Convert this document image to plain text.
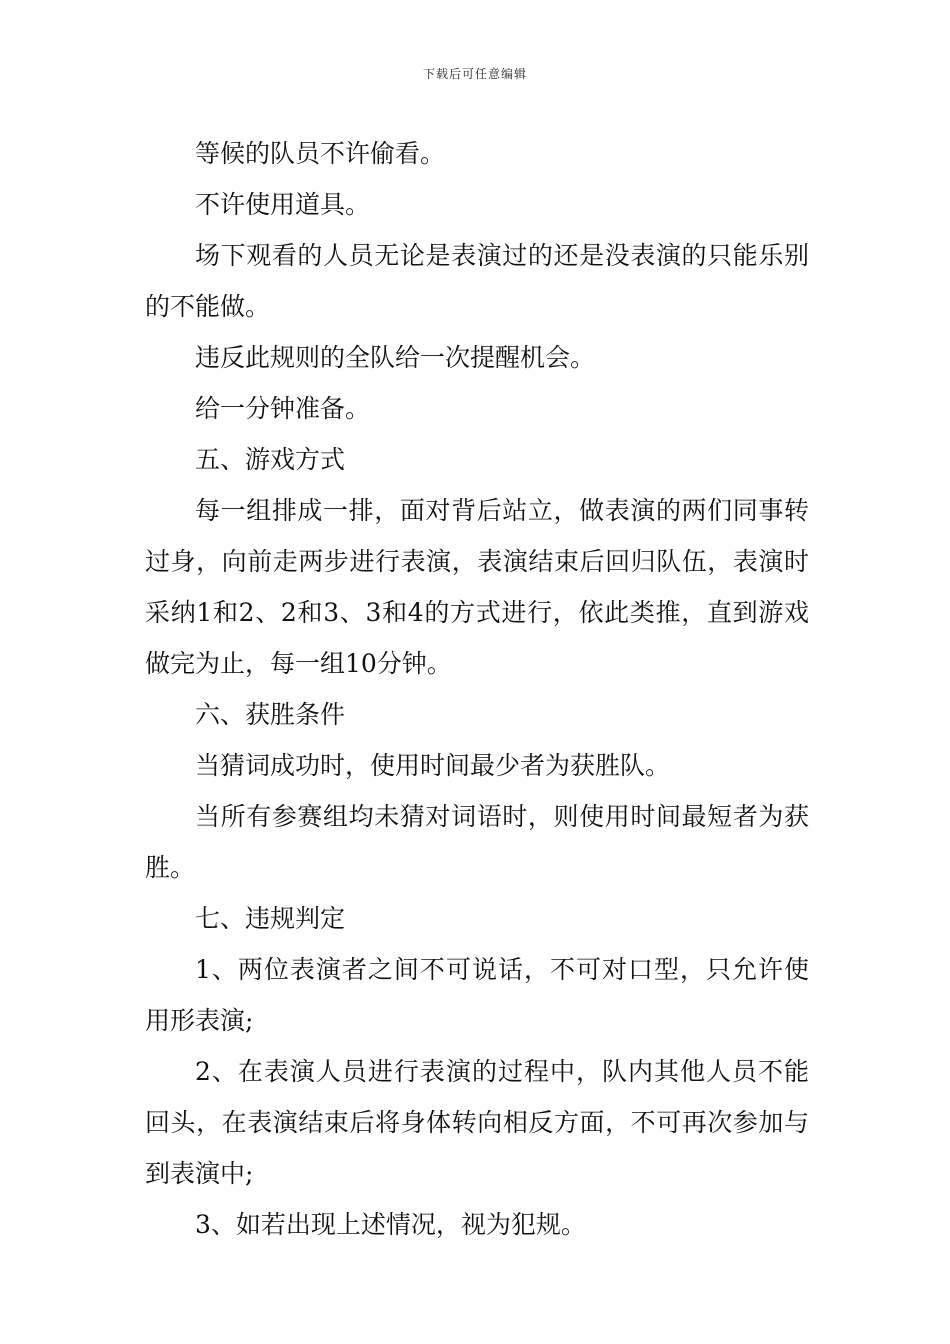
下载后可任意编辑

等候的队员不许偷看。

不许使用道具。

场下观看的人员无论是表演过的还是没表演的只能乐别的不能做。

违反此规则的全队给一次提醒机会。

给一分钟准备。

五、游戏方式

每一组排成一排，面对背后站立，做表演的两们同事转过身，向前走两步进行表演，表演结束后回归队伍，表演时采纳1和2、2和3、3和4的方式进行，依此类推，直到游戏做完为止，每一组10分钟。

六、获胜条件

当猜词成功时，使用时间最少者为获胜队。

当所有参赛组均未猜对词语时，则使用时间最短者为获胜。

七、违规判定

1、两位表演者之间不可说话，不可对口型，只允许使用形表演;

2、在表演人员进行表演的过程中，队内其他人员不能回头，在表演结束后将身体转向相反方面，不可再次参加与到表演中;

3、如若出现上述情况，视为犯规。
